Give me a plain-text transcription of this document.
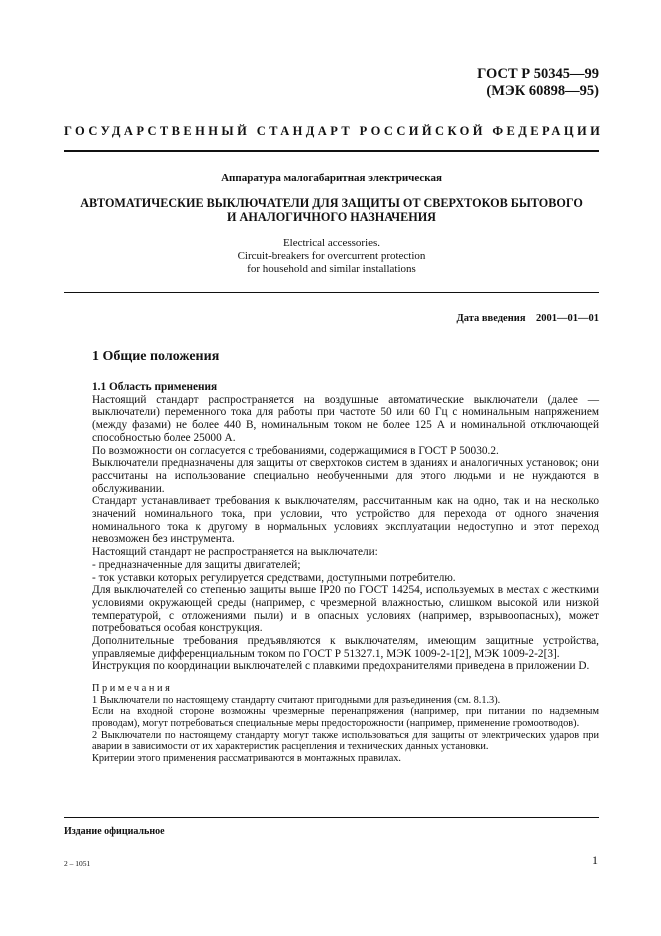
ГОСТ Р 50345—99
(МЭК 60898—95)
ГОСУДАРСТВЕННЫЙ СТАНДАРТ РОССИЙСКОЙ ФЕДЕРАЦИИ
Аппаратура малогабаритная электрическая
АВТОМАТИЧЕСКИЕ ВЫКЛЮЧАТЕЛИ ДЛЯ ЗАЩИТЫ ОТ СВЕРХТОКОВ БЫТОВОГО
И АНАЛОГИЧНОГО НАЗНАЧЕНИЯ
Electrical accessories.
Circuit-breakers for overcurrent protection
for household and similar installations
Дата введения 2001—01—01
1 Общие положения

1.1 Область применения

Настоящий стандарт распространяется на воздушные автоматические выключатели (далее — выключатели) переменного тока для работы при частоте 50 или 60 Гц с номинальным напряжением (между фазами) не более 440 В, номинальным током не более 125 А и номинальной отключающей способностью более 25000 А.

По возможности он согласуется с требованиями, содержащимися в ГОСТ Р 50030.2.

Выключатели предназначены для защиты от сверхтоков систем в зданиях и аналогичных установок; они рассчитаны на использование специально необученными для этого людьми и не нуждаются в обслуживании.

Стандарт устанавливает требования к выключателям, рассчитанным как на одно, так и на несколько значений номинального тока, при условии, что устройство для перехода от одного значения номинального тока к другому в нормальных условиях эксплуатации недоступно и этот переход невозможен без инструмента.

Настоящий стандарт не распространяется на выключатели:

- предназначенные для защиты двигателей;

- ток уставки которых регулируется средствами, доступными потребителю.

Для выключателей со степенью защиты выше IP20 по ГОСТ 14254, используемых в местах с жесткими условиями окружающей среды (например, с чрезмерной влажностью, слишком высокой или низкой температурой, с отложениями пыли) и в опасных условиях (например, взрывоопасных), может потребоваться особая конструкция.

Дополнительные требования предъявляются к выключателям, имеющим защитные устройства, управляемые дифференциальным током по ГОСТ Р 51327.1, МЭК 1009-2-1[2], МЭК 1009-2-2[3].

Инструкция по координации выключателей с плавкими предохранителями приведена в приложении D.

Примечания

1 Выключатели по настоящему стандарту считают пригодными для разъединения (см. 8.1.3).

Если на входной стороне возможны чрезмерные перенапряжения (например, при питании по надземным проводам), могут потребоваться специальные меры предосторожности (например, применение громоотводов).

2 Выключатели по настоящему стандарту могут также использоваться для защиты от электрических ударов при аварии в зависимости от их характеристик расцепления и технических данных установки.

Критерии этого применения рассматриваются в монтажных правилах.

Издание официальное
2 – 1051	1
